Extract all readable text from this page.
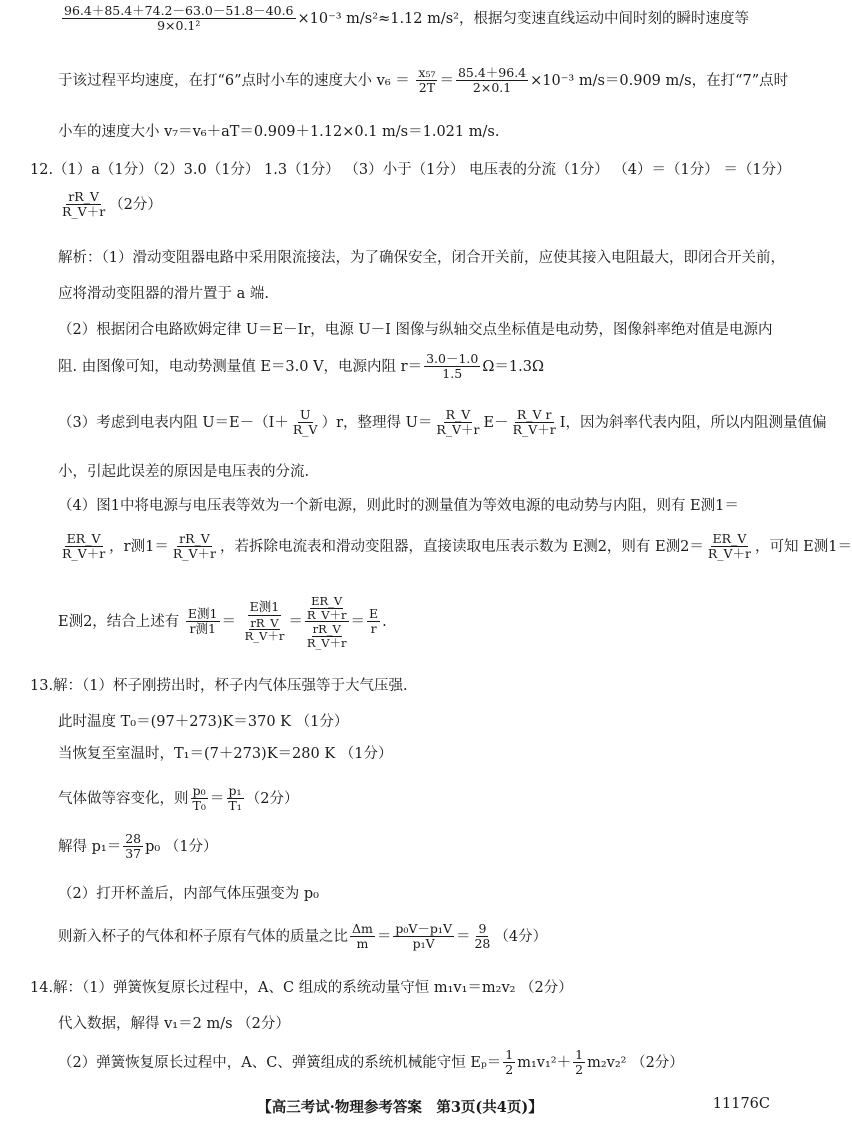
$\frac{96.4+85.4+74.2-63.0-51.8-40.6}{\text{9×0.1²}} \times 10^{-3}$ m/s²≈1.12 m/s²，根据匀变速直线运动中间时刻的瞬时速度等
于该过程平均速度，在打“6”点时小车的速度大小 $v_6 = \frac{\text{x₅₇}}{2T} = \frac{85.4+96.4}{2\times 0.1} \times 10^{-3}$ m/s＝0.909 m/s，在打“7”点时
小车的速度大小 v₇＝v₆＋aT＝0.909＋1.12×0.1 m/s＝1.021 m/s.
12.（1）a（1分）（2）3.0（1分） 1.3（1分） （3）小于（1分） 电压表的分流（1分） （4）＝（1分） ＝（1分）
$\frac{rR\_V}{R\_V+r} (2$分）
解析：（1）滑动变阻器电路中采用限流接法，为了确保安全，闭合开关前，应使其接入电阻最大，即闭合开关前，
应将滑动变阻器的滑片置于 a 端.
（2）根据闭合电路欧姆定律 U＝E－Ir，电源 U－I 图像与纵轴交点坐标值是电动势，图像斜率绝对值是电源内
阻. 由图像可知，电动势测量值 E＝3.0 V，电源内阻 $r= \frac{3.0-1.0}{1.5} \Omega=1.3\Omega$
（3）考虑到电表内阻 $U=E-(I+ \frac{U}{R\_V} )r$，整理得 $U= \frac{R\_V}{R\_V+r} E- \frac{\text{R\_V r}}{R\_V+r}$ I，因为斜率代表内阻，所以内阻测量值偏
小，引起此误差的原因是电压表的分流.
（4）图1中将电源与电压表等效为一个新电源，则此时的测量值为等效电源的电动势与内阻，则有 E测1＝
$\frac{ER\_V}{R\_V+r}$ ，r测$1= \frac{rR\_V}{R\_V+r}$ ，若拆除电流表和滑动变阻器，直接读取电压表示数为 E测2，则有 E测$2= \frac{ER\_V}{R\_V+r}$ ，可知 E测1＝
E测2，结合上述有 $\frac{\text{E测1}}{\text{r测1}} = \frac{\text{E测1}}{\frac{rR\_V}{R\_V+r}} = \frac{\frac{ER\_V}{R\_V+r}}{\frac{rR\_V}{R\_V+r}} = \frac{E}{r}$ .
13.解：（1）杯子刚捞出时，杯子内气体压强等于大气压强.
此时温度 T₀＝(97＋273)K＝370 K （1分）
当恢复至室温时，T₁＝(7＋273)K＝280 K （1分）
气体做等容变化，则 $\frac{\text{p₀}}{\text{T₀}} = \frac{\text{p₁}}{\text{T₁}} (2$分）
解得 $p_1= \frac{28}{37} p_0$ （1分）
（2）打开杯盖后，内部气体压强变为 p₀
则新入杯子的气体和杯子原有气体的质量之比 $\frac{\Delta m}{m} = \frac{\text{p₀V－p₁V}}{\text{p₁V}} = \frac{9}{28} (4$分）
14.解：（1）弹簧恢复原长过程中，A、C 组成的系统动量守恒 m₁v₁＝m₂v₂ （2分）
代入数据，解得 v₁＝2 m/s （2分）
（2）弹簧恢复原长过程中，A、C、弹簧组成的系统机械能守恒 $E_p= \frac{1}{2} m_1v_1^2+ \frac{1}{2} m_2v_2^2$ （2分）
【高三考试·物理参考答案　第3页(共4页)】	11176C
